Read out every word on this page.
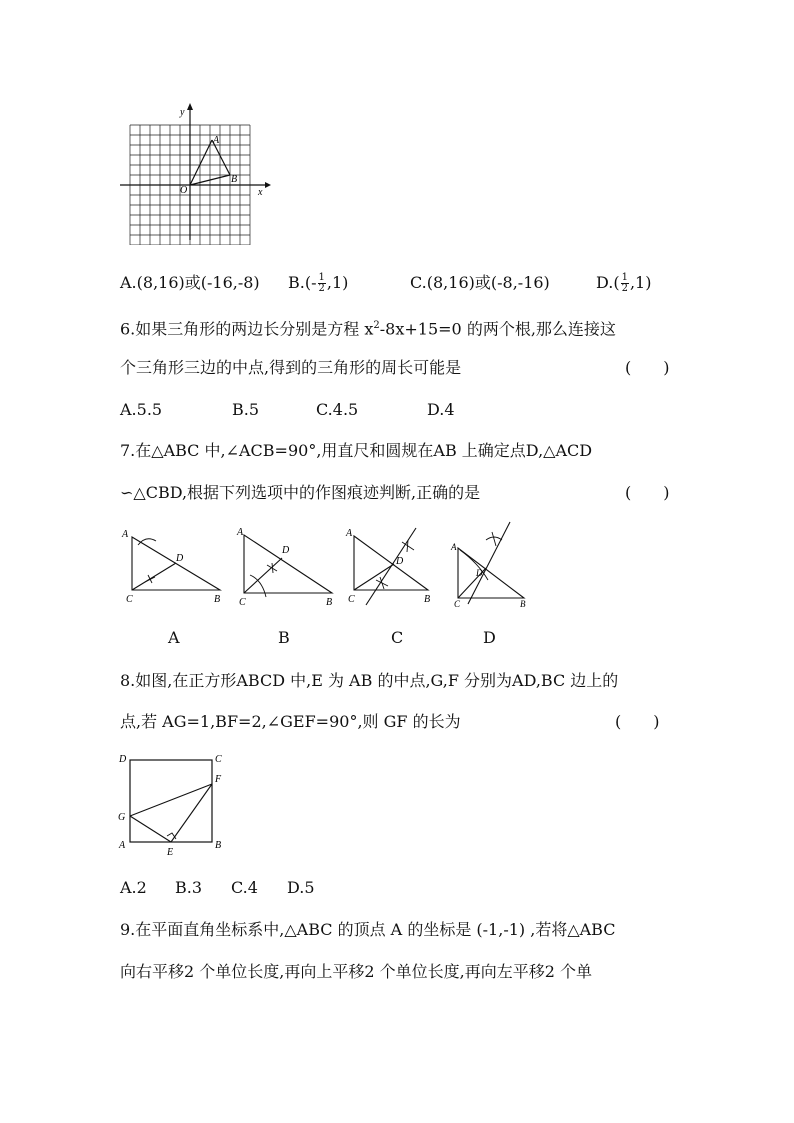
y
x
O
A
B
A.(8,16)或(-16,-8) $B.(- \frac{1}{2} ,1)$	C.(8,16)或(-8,-16)	$D.( \frac{1}{2} ,1)$
6.如果三角形的两边长分别是方程 $x^2-8x+15=0$ 的两个根,那么连接这
个三角形三边的中点,得到的三角形的周长可能是	(　　)
A.5.5	B.5	C.4.5	D.4
7.在△ABC 中,∠ACB=90°,用直尺和圆规在AB 上确定点D,△ACD
∽△CBD,根据下列选项中的作图痕迹判断,正确的是	(　　)
A
D
C	B
A
D
C	B
A
D
C	B
A
D
C	B
A	B	C	D
8.如图,在正方形ABCD 中,E 为 AB 的中点,G,F 分别为AD,BC 边上的
点,若 AG=1,BF=2,∠GEF=90°,则 GF 的长为	(　　)
D	C
F
G
A
E
B
A.2 B.3 C.4 D.5
9.在平面直角坐标系中,△ABC 的顶点 A 的坐标是 (-1,-1) ,若将△ABC
向右平移2 个单位长度,再向上平移2 个单位长度,再向左平移2 个单
